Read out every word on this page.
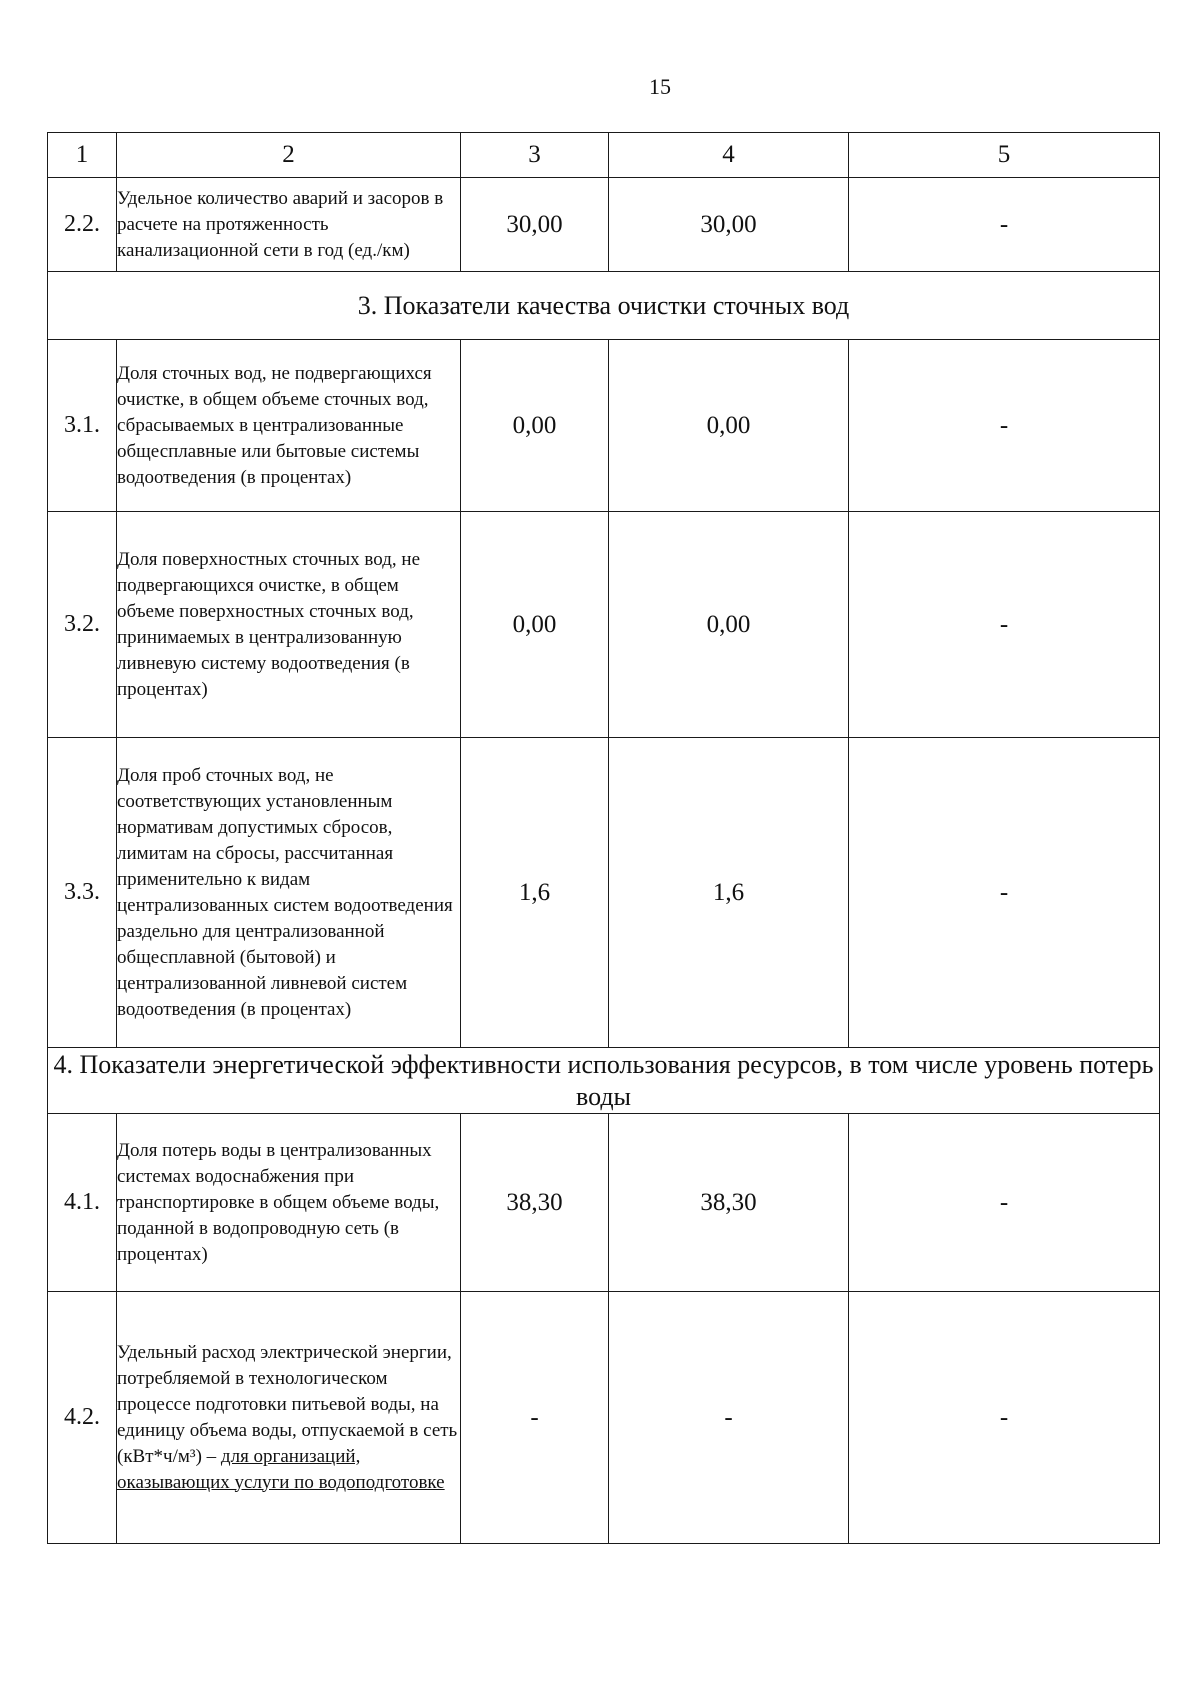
15
1	2	3	4	5
2.2.	Удельное количество аварий и засоров в расчете на протяженность канализационной сети в год (ед./км)	30,00	30,00	-
3. Показатели качества очистки сточных вод				
3.1.	Доля сточных вод, не подвергающихся очистке, в общем объеме сточных вод, сбрасываемых в централизованные общесплавные или бытовые системы водоотведения (в процентах)	0,00	0,00	-
3.2.	Доля поверхностных сточных вод, не подвергающихся очистке, в общем объеме поверхностных сточных вод, принимаемых в централизованную ливневую систему водоотведения (в процентах)	0,00	0,00	-
3.3.	Доля проб сточных вод, не соответствующих установленным нормативам допустимых сбросов, лимитам на сбросы, рассчитанная применительно к видам централизованных систем водоотведения раздельно для централизованной общесплавной (бытовой) и централизованной ливневой систем водоотведения (в процентах)	1,6	1,6	-
4. Показатели энергетической эффективности использования ресурсов, в том числе уровень потерь воды				
4.1.	Доля потерь воды в централизованных системах водоснабжения при транспортировке в общем объеме воды, поданной в водопроводную сеть (в процентах)	38,30	38,30	-
4.2.	Удельный расход электрической энергии, потребляемой в технологическом процессе подготовки питьевой воды, на единицу объема воды, отпускаемой в сеть (кВт*ч/м³) – для организаций, оказывающих услуги по водоподготовке	-	-	-
